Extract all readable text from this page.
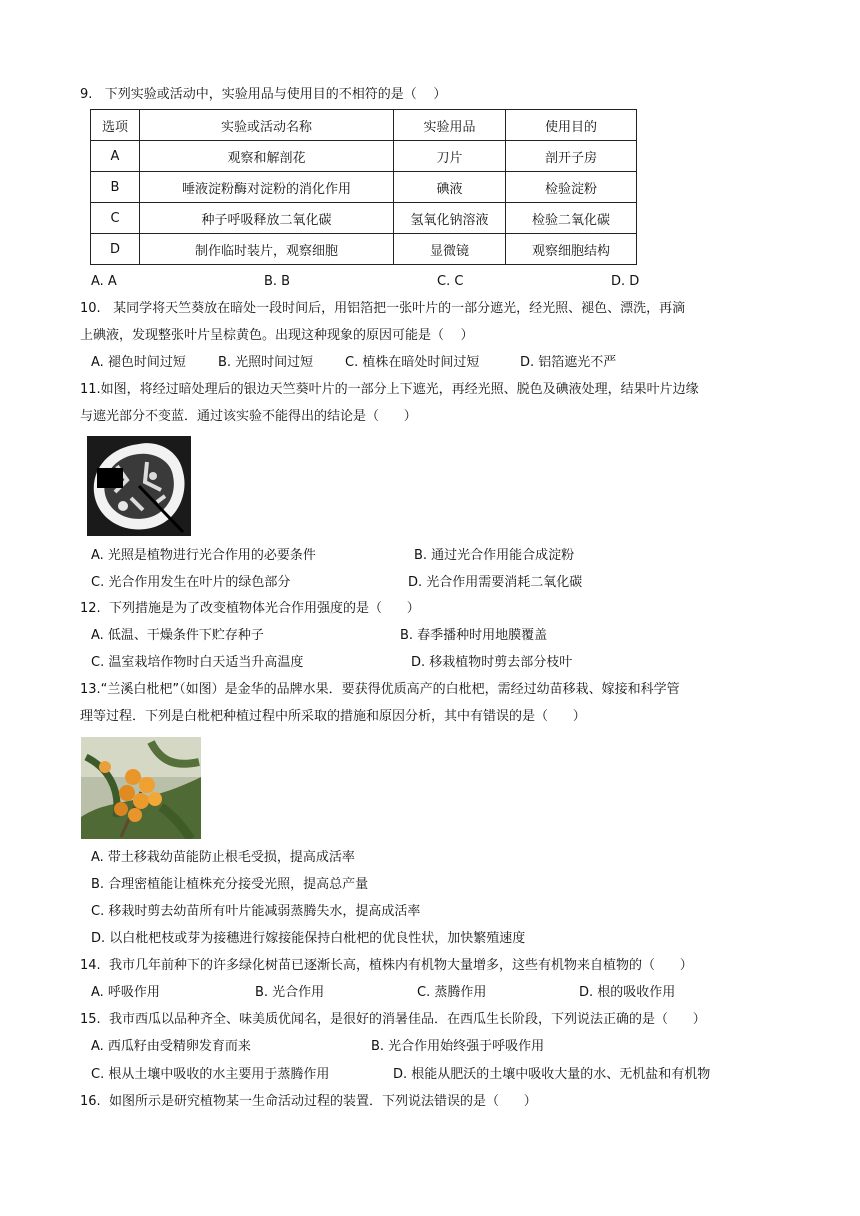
9.   下列实验或活动中，实验用品与使用目的不相符的是（    ）
选项	实验或活动名称	实验用品	使用目的
A	观察和解剖花	刀片	剖开子房
B	唾液淀粉酶对淀粉的消化作用	碘液	检验淀粉
C	种子呼吸释放二氧化碳	氢氧化钠溶液	检验二氧化碳
D	制作临时装片，观察细胞	显微镜	观察细胞结构
A. A	B. B	C. C	D. D
10.   某同学将天竺葵放在暗处一段时间后，用铝箔把一张叶片的一部分遮光，经光照、褪色、漂洗，再滴
上碘液，发现整张叶片呈棕黄色。出现这种现象的原因可能是（    ）
A. 褪色时间过短 B. 光照时间过短 C. 植株在暗处时间过短	D. 铝箔遮光不严
11.如图，将经过暗处理后的银边天竺葵叶片的一部分上下遮光，再经光照、脱色及碘液处理，结果叶片边缘
与遮光部分不变蓝．通过该实验不能得出的结论是（      ）
A. 光照是植物进行光合作用的必要条件	B. 通过光合作用能合成淀粉
C. 光合作用发生在叶片的绿色部分	D. 光合作用需要消耗二氧化碳
12.  下列措施是为了改变植物体光合作用强度的是（      ）
A. 低温、干燥条件下贮存种子	B. 春季播种时用地膜覆盖
C. 温室栽培作物时白天适当升高温度	D. 移栽植物时剪去部分枝叶
13.“兰溪白枇杷”（如图）是金华的品牌水果．要获得优质高产的白枇杷，需经过幼苗移栽、嫁接和科学管
理等过程．下列是白枇杷种植过程中所采取的措施和原因分析，其中有错误的是（      ）
A. 带土移栽幼苗能防止根毛受损，提高成活率
B. 合理密植能让植株充分接受光照，提高总产量
C. 移栽时剪去幼苗所有叶片能减弱蒸腾失水，提高成活率
D. 以白枇杷枝或芽为接穗进行嫁接能保持白枇杷的优良性状，加快繁殖速度
14.  我市几年前种下的许多绿化树苗已逐渐长高，植株内有机物大量增多，这些有机物来自植物的（      ）
A. 呼吸作用	B. 光合作用	C. 蒸腾作用	D. 根的吸收作用
15.  我市西瓜以品种齐全、味美质优闻名，是很好的消暑佳品．在西瓜生长阶段，下列说法正确的是（      ）
A. 西瓜籽由受精卵发育而来	B. 光合作用始终强于呼吸作用
C. 根从土壤中吸收的水主要用于蒸腾作用	D. 根能从肥沃的土壤中吸收大量的水、无机盐和有机物
16.  如图所示是研究植物某一生命活动过程的装置．下列说法错误的是（      ）
